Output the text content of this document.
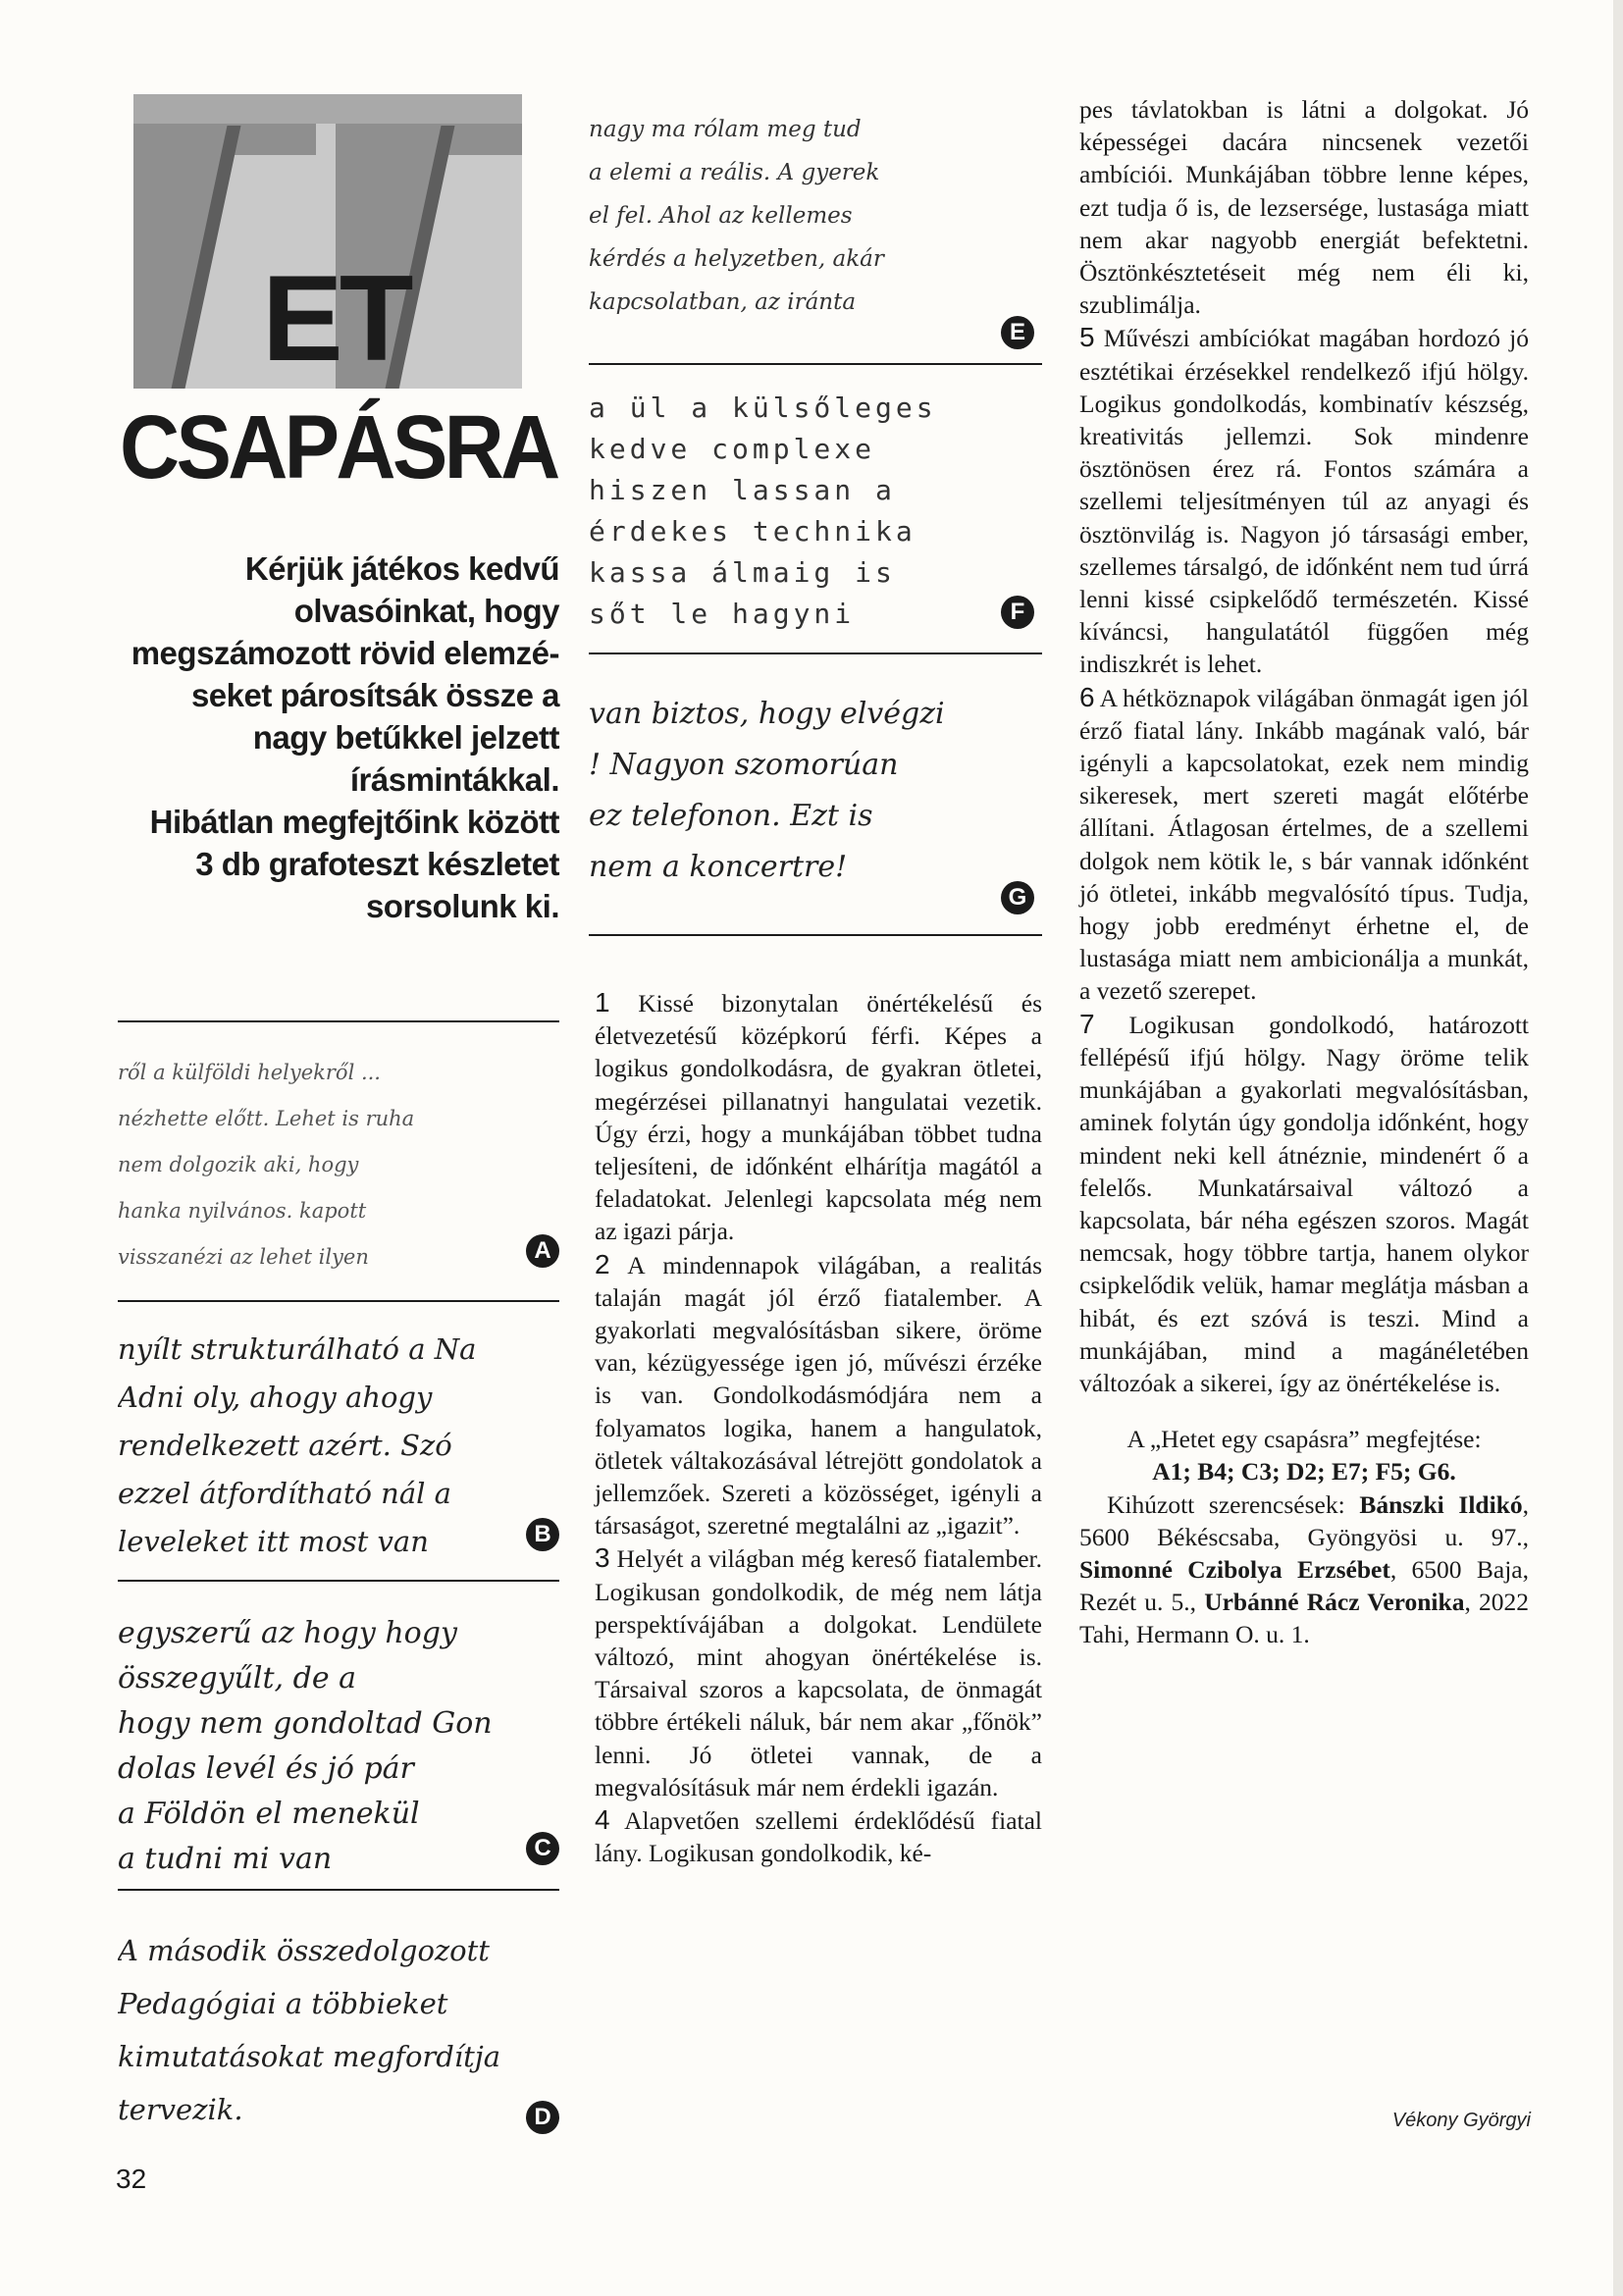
ET
CSAPÁSRA
Kérjük játékos kedvű
olvasóinkat, hogy
megszámozott rövid elemzé-
seket párosítsák össze a
nagy betűkkel jelzett
írásmintákkal.
Hibátlan megfejtőink között
3 db grafoteszt készletet
sorsolunk ki.
ről a külföldi helyekről ...
nézhette előtt. Lehet is ruha
nem dolgozik aki, hogy
hanka nyilvános. kapott
visszanézi az lehet ilyen	A
nyílt strukturálható a Na
Adni oly, ahogy ahogy
rendelkezett azért. Szó
ezzel átfordítható nál a
leveleket itt most van	B
egyszerű az hogy hogy
összegyűlt, de a
hogy nem gondoltad Gon
dolas levél és jó pár
a Földön el menekül
a tudni mi van	C
A második összedolgozott
Pedagógiai a többieket
kimutatásokat megfordítja
tervezik.	D
nagy ma rólam meg tud
a elemi a reális. A gyerek
el fel. Ahol az kellemes
kérdés a helyzetben, akár
kapcsolatban, az iránta
E
a ül a külsőleges
kedve complexe
hiszen lassan a
érdekes technika
kassa álmaig is
sőt le hagyni	F
van biztos, hogy elvégzi
! Nagyon szomorúan
ez telefonon. Ezt is
nem a koncertre!
G

1 Kissé bizonytalan önértékelésű és életvezetésű középkorú férfi. Képes a logikus gondolkodásra, de gyakran ötletei, megérzései pillanatnyi hangulatai vezetik. Úgy érzi, hogy a munkájában többet tudna teljesíteni, de időnként elhárítja magától a feladatokat. Jelenlegi kapcsolata még nem az igazi párja.

2 A mindennapok világában, a realitás talaján magát jól érző fiatalember. A gyakorlati megvalósításban sikere, öröme van, kézügyessége igen jó, művészi érzéke is van. Gondolkodásmódjára nem a folyamatos logika, hanem a hangulatok, ötletek váltakozásával létrejött gondolatok a jellemzőek. Szereti a közösséget, igényli a társaságot, szeretné megtalálni az „igazit”.

3 Helyét a világban még kereső fiatalember. Logikusan gondolkodik, de még nem látja perspektívájában a dolgokat. Lendülete változó, mint ahogyan önértékelése is. Társaival szoros a kapcsolata, de önmagát többre értékeli náluk, bár nem akar „főnök” lenni. Jó ötletei vannak, de a megvalósításuk már nem érdekli igazán.

4 Alapvetően szellemi érdeklődésű fiatal lány. Logikusan gondolkodik, ké-

pes távlatokban is látni a dolgokat. Jó képességei dacára nincsenek vezetői ambíciói. Munkájában többre lenne képes, ezt tudja ő is, de lezsersége, lustasága miatt nem akar nagyobb energiát befektetni. Ösztönkésztetéseit még nem éli ki, szublimálja.

5 Művészi ambíciókat magában hordozó jó esztétikai érzésekkel rendelkező ifjú hölgy. Logikus gondolkodás, kombinatív készség, kreativitás jellemzi. Sok mindenre ösztönösen érez rá. Fontos számára a szellemi teljesítményen túl az anyagi és ösztönvilág is. Nagyon jó társasági ember, szellemes társalgó, de időnként nem tud úrrá lenni kissé csipkelődő természetén. Kissé kíváncsi, hangulatától függően még indiszkrét is lehet.

6 A hétköznapok világában önmagát igen jól érző fiatal lány. Inkább magának való, bár igényli a kapcsolatokat, ezek nem mindig sikeresek, mert szereti magát előtérbe állítani. Átlagosan értelmes, de a szellemi dolgok nem kötik le, s bár vannak időnként jó ötletei, inkább megvalósító típus. Tudja, hogy jobb eredményt érhetne el, de lustasága miatt nem ambicionálja a munkát, a vezető szerepet.

7 Logikusan gondolkodó, határozott fellépésű ifjú hölgy. Nagy öröme telik munkájában a gyakorlati megvalósításban, aminek folytán úgy gondolja időnként, hogy mindent neki kell átnéznie, mindenért ő a felelős. Munkatársaival változó a kapcsolata, bár néha egészen szoros. Magát nemcsak, hogy többre tartja, hanem olykor csipkelődik velük, hamar meglátja másban a hibát, és ezt szóvá is teszi. Mind a munkájában, mind a magánéletében változóak a sikerei, így az önértékelése is.

A „Hetet egy csapásra” megfejtése:
A1; B4; C3; D2; E7; F5; G6.

Kihúzott szerencsések: Bánszki Ildikó, 5600 Békéscsaba, Gyöngyösi u. 97., Simonné Czibolya Erzsébet, 6500 Baja, Rezét u. 5., Urbánné Rácz Veronika, 2022 Tahi, Hermann O. u. 1.

Vékony Györgyi
32
